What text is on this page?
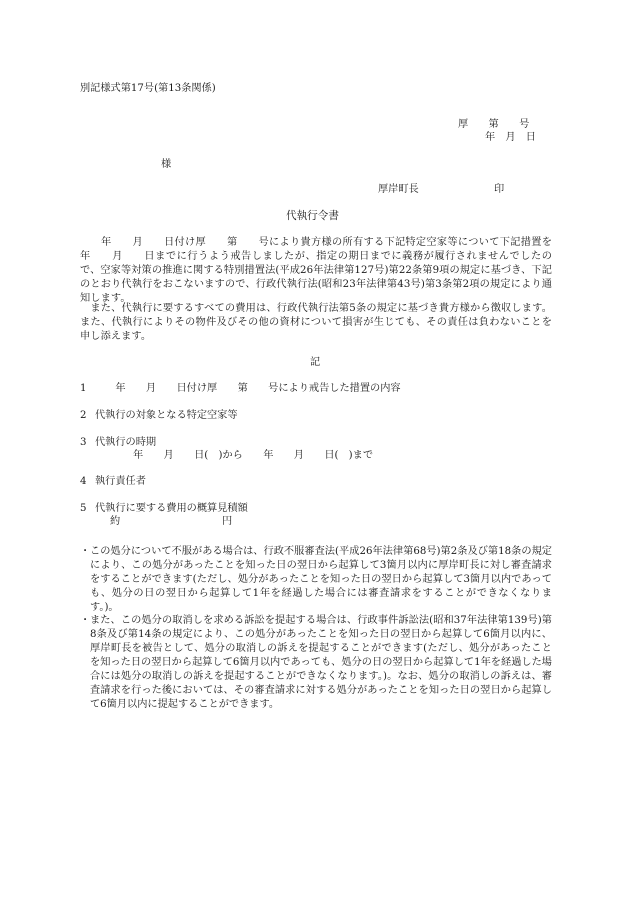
別記様式第17号(第13条関係)
厚　　第　　号
年　月　日
様
厚岸町長	印
代執行令書
　　年　　月　　日付け厚　　第　　号により貴方様の所有する下記特定空家等について下記措置を　　年　　月　　日までに行うよう戒告しましたが、指定の期日までに義務が履行されませんでしたので、空家等対策の推進に関する特別措置法(平成26年法律第127号)第22条第9項の規定に基づき、下記のとおり代執行をおこないますので、行政代執行法(昭和23年法律第43号)第3条第2項の規定により通知します。
　また、代執行に要するすべての費用は、行政代執行法第5条の規定に基づき貴方様から徴収します。また、代執行によりその物件及びその他の資材について損害が生じても、その責任は負わないことを申し添えます。
記
1 　　年　　月　　日付け厚　　第　　号により戒告した措置の内容
2 代執行の対象となる特定空家等
3 代執行の時期
年　　月　　日(　)から　　年　　月　　日(　)まで
4 執行責任者
5 代執行に要する費用の概算見積額
約　　　　　　　　　　円
・ この処分について不服がある場合は、行政不服審査法(平成26年法律第68号)第2条及び第18条の規定により、この処分があったことを知った日の翌日から起算して3箇月以内に厚岸町長に対し審査請求をすることができます(ただし、処分があったことを知った日の翌日から起算して3箇月以内であっても、処分の日の翌日から起算して1年を経過した場合には審査請求をすることができなくなります。)。
・ また、この処分の取消しを求める訴訟を提起する場合は、行政事件訴訟法(昭和37年法律第139号)第8条及び第14条の規定により、この処分があったことを知った日の翌日から起算して6箇月以内に、厚岸町長を被告として、処分の取消しの訴えを提起することができます(ただし、処分があったことを知った日の翌日から起算して6箇月以内であっても、処分の日の翌日から起算して1年を経過した場合には処分の取消しの訴えを提起することができなくなります。)。なお、処分の取消しの訴えは、審査請求を行った後においては、その審査請求に対する処分があったことを知った日の翌日から起算して6箇月以内に提起することができます。
